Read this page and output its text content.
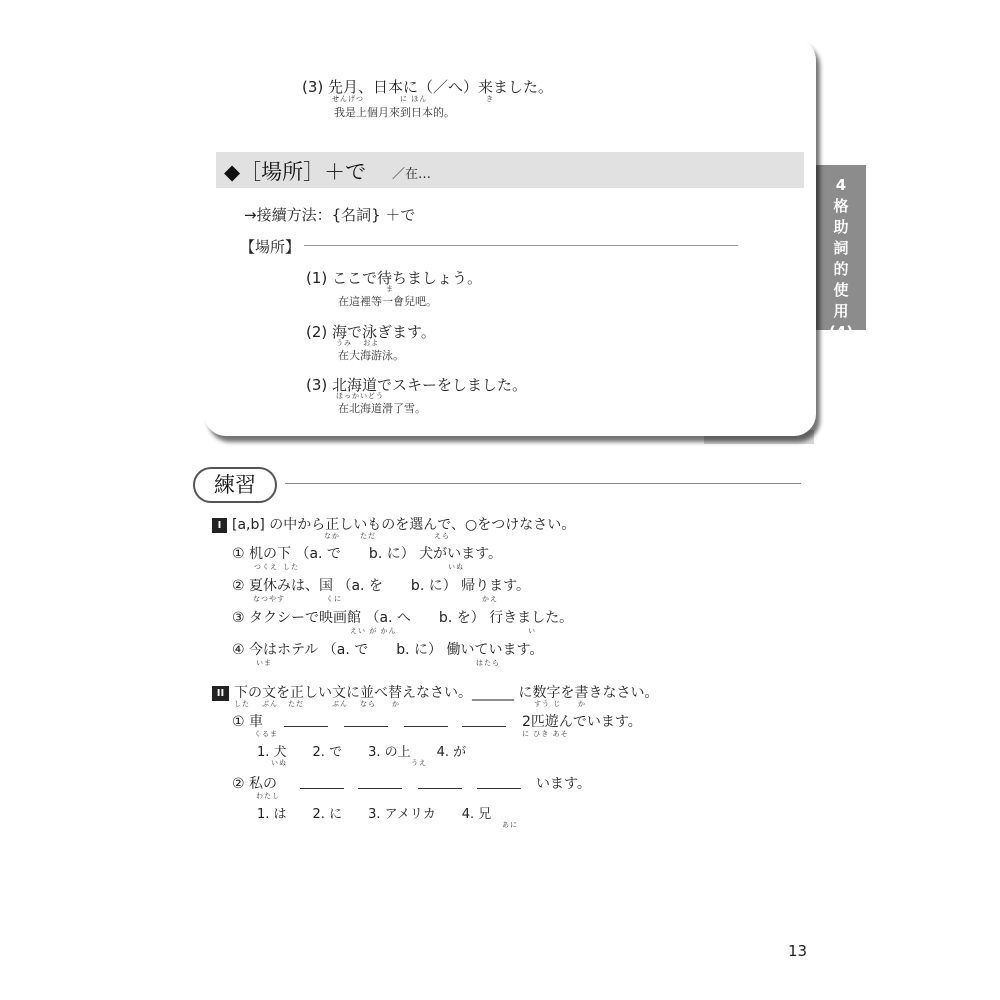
4
格
助
詞
的
使
用
(4)
(3) 先月、日本に（／へ）来ました。
せんげつ	に ほん	き
我是上個月來到日本的。
→接續方法：{名詞} ＋で
【場所】
(1) ここで待ちましょう。
ま
在這裡等一會兒吧。
(2) 海で泳ぎます。
うみ　 およ
在大海游泳。
(3) 北海道でスキーをしました。
ほっかいどう
在北海道滑了雪。
◆［場所］＋で ／在…
練習
I [a,b] の中から正しいものを選んで、○をつけなさい。
なか	ただ	えら
① 机の下 （a. で　　b. に） 犬がいます。
つくえ した	いぬ
② 夏休みは、国 （a. を　　b. に） 帰ります。
なつやす	くに	かえ
③ タクシーで映画館 （a. へ　　b. を） 行きました。
えい が かん	い
④ 今はホテル （a. で　　b. に） 働いています。
いま	はたら
II 下の文を正しい文に並べ替えなさい。______ に数字を書きなさい。
した ぶん ただ	ぶん なら か	すう じ か
① 車
くるま
2匹遊んでいます。
に ひき あそ
1. 犬　　2. で　　3. の上　　4. が
いぬ	うえ
② 私の
わたし
います。
1. は　　2. に　　3. アメリカ　　4. 兄
あに
13
